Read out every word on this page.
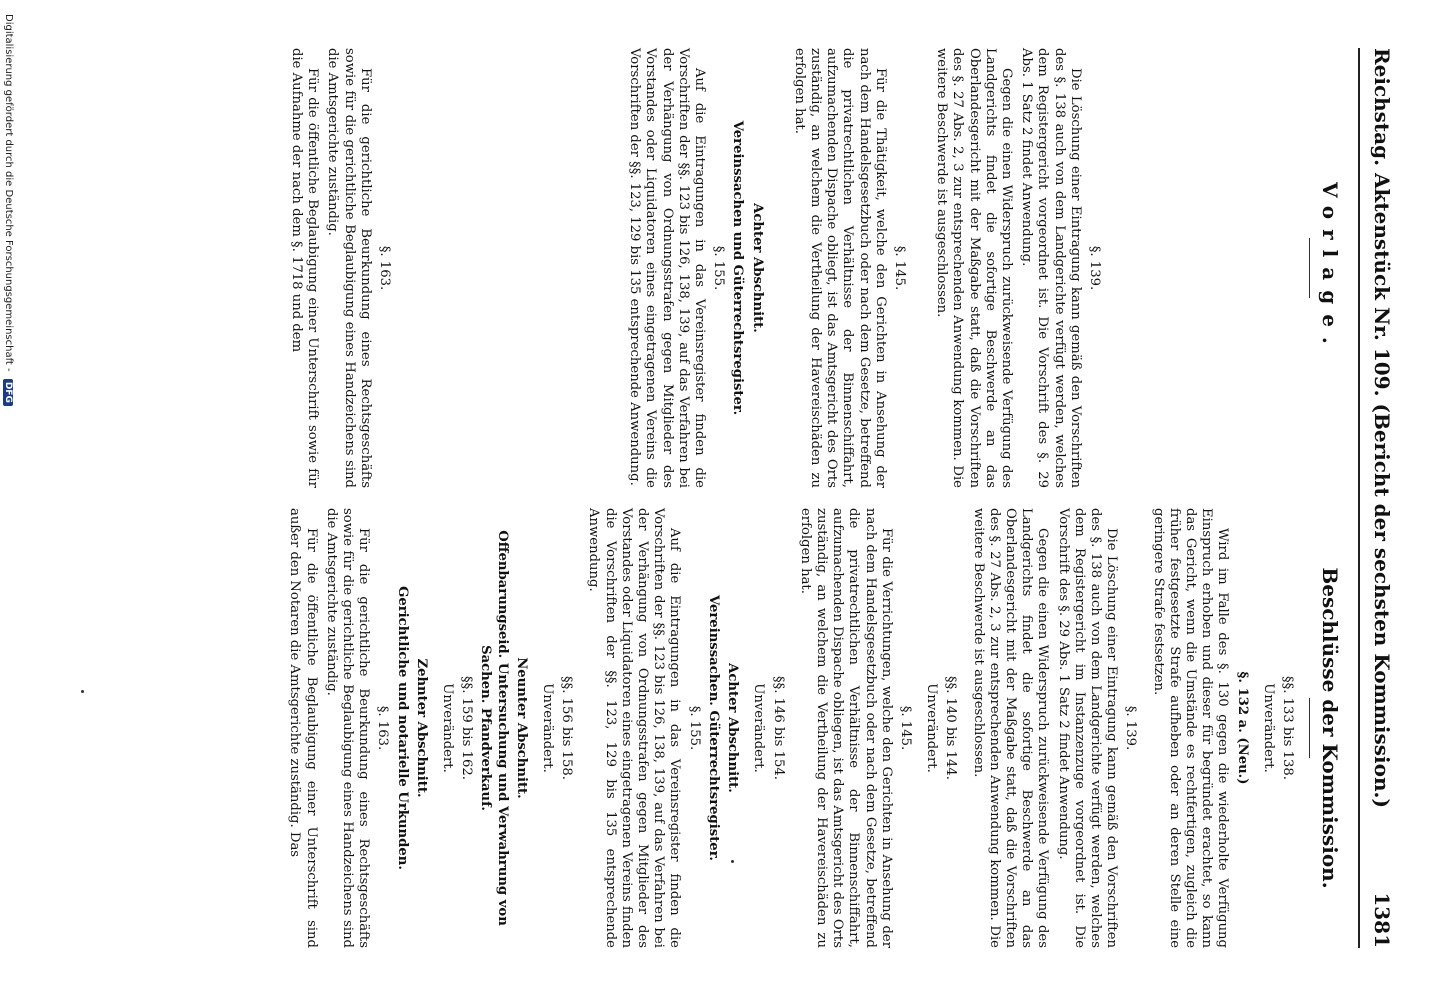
Reichstag. Aktenstück Nr. 109. (Bericht der sechsten Kommission.)
1381
Vorlage.
Beschlüsse der Kommission.
§. 139.

Die Löschung einer Eintragung kann gemäß den Vorschriften des §. 138 auch von dem Landgerichte verfügt werden, welches dem Registergericht vorgeordnet ist. Die Vorschrift des §. 29 Abs. 1 Satz 2 findet Anwendung.

Gegen die einen Widerspruch zurückweisende Verfügung des Landgerichts findet die sofortige Beschwerde an das Oberlandesgericht mit der Maßgabe statt, daß die Vorschriften des §. 27 Abs. 2, 3 zur entsprechenden Anwendung kommen. Die weitere Beschwerde ist ausgeschlossen.

§. 145.

Für die Thätigkeit, welche den Gerichten in Ansehung der nach dem Handelsgesetzbuch oder nach dem Gesetze, betreffend die privatrechtlichen Verhältnisse der Binnenschiffahrt, aufzumachenden Dispache obliegt, ist das Amtsgericht des Orts zuständig, an welchem die Vertheilung der Havereischäden zu erfolgen hat.

Achter Abschnitt.
Vereinssachen und Güterrechtsregister.
§. 155.

Auf die Eintragungen in das Vereinsregister finden die Vorschriften der §§. 123 bis 126, 138, 139, auf das Verfahren bei der Verhängung von Ordnungsstrafen gegen Mitglieder des Vorstandes oder Liquidatoren eines eingetragenen Vereins die Vorschriften der §§. 123, 129 bis 135 entsprechende Anwendung.

§. 163.

Für die gerichtliche Beurkundung eines Rechtsgeschäfts sowie für die gerichtliche Beglaubigung eines Handzeichens sind die Amtsgerichte zuständig.

Für die öffentliche Beglaubigung einer Unterschrift sowie für die Aufnahme der nach dem §. 1718 und dem

§§. 133 bis 138.
Unverändert.
§. 132 a. (Neu.)

Wird im Falle des §. 130 gegen die wiederholte Verfügung Einspruch erhoben und dieser für begründet erachtet, so kann das Gericht, wenn die Umstände es rechtfertigen, zugleich die früher festgesetzte Strafe aufheben oder an deren Stelle eine geringere Strafe festsetzen.

§. 139.

Die Löschung einer Eintragung kann gemäß den Vorschriften des §. 138 auch von dem Landgerichte verfügt werden, welches dem Registergericht im Instanzenzuge vorgeordnet ist. Die Vorschrift des §. 29 Abs. 1 Satz 2 findet Anwendung.

Gegen die einen Widerspruch zurückweisende Verfügung des Landgerichts findet die sofortige Beschwerde an das Oberlandesgericht mit der Maßgabe statt, daß die Vorschriften des §. 27 Abs. 2, 3 zur entsprechenden Anwendung kommen. Die weitere Beschwerde ist ausgeschlossen.

§§. 140 bis 144.
Unverändert.
§. 145.

Für die Verrichtungen, welche den Gerichten in Ansehung der nach dem Handelsgesetzbuch oder nach dem Gesetze, betreffend die privatrechtlichen Verhältnisse der Binnenschiffahrt, aufzumachenden Dispache obliegen, ist das Amtsgericht des Orts zuständig, an welchem die Vertheilung der Havereischäden zu erfolgen hat.

§§. 146 bis 154.
Unverändert.
Achter Abschnitt.
Vereinssachen. Güterrechtsregister.
§. 155.

Auf die Eintragungen in das Vereinsregister finden die Vorschriften der §§. 123 bis 126, 138, 139, auf das Verfahren bei der Verhängung von Ordnungsstrafen gegen Mitglieder des Vorstandes oder Liquidatoren eines eingetragenen Vereins finden die Vorschriften der §§. 123, 129 bis 135 entsprechende Anwendung.

§§. 156 bis 158.
Unverändert.
Neunter Abschnitt.
Offenbarungseid. Untersuchung und Verwahrung von Sachen. Pfandverkauf.
§§. 159 bis 162.
Unverändert.
Zehnter Abschnitt.
Gerichtliche und notarielle Urkunden.
§. 163.

Für die gerichtliche Beurkundung eines Rechtsgeschäfts sowie für die gerichtliche Beglaubigung eines Handzeichens sind die Amtsgerichte zuständig.

Für die öffentliche Beglaubigung einer Unterschrift sind außer den Notaren die Amtsgerichte zuständig. Das

Digitalisierung gefördert durch die Deutsche Forschungsgemeinschaft - DFG
